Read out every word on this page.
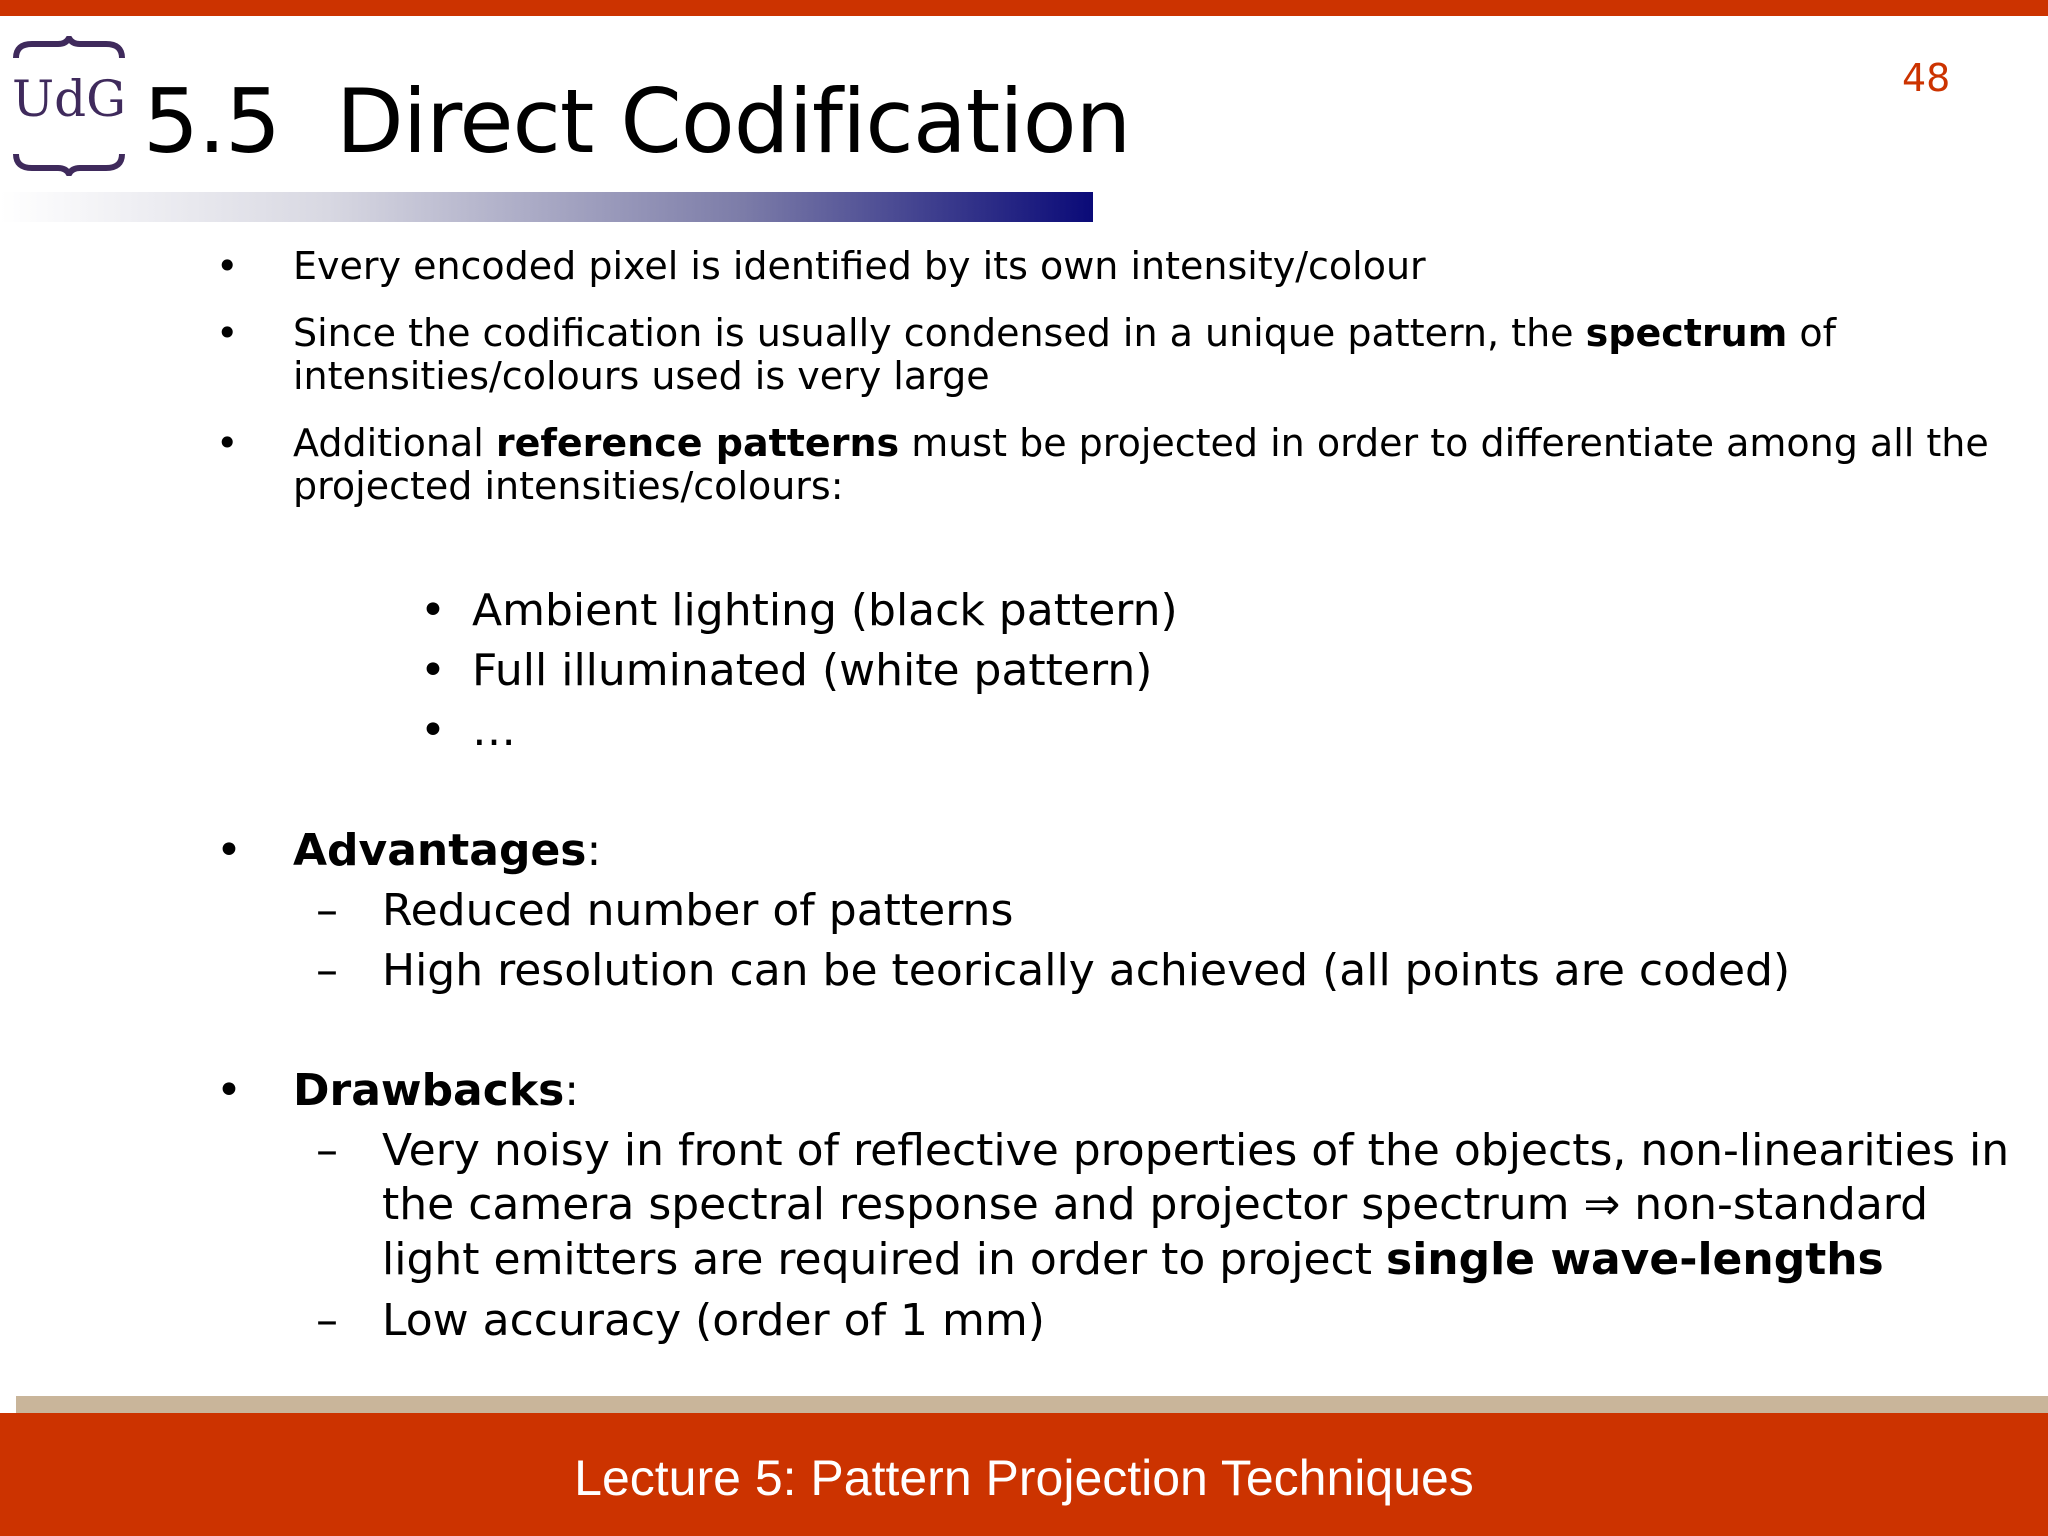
UdG 5.5 Direct Codification	48
• Every encoded pixel is identified by its own intensity/colour
• Since the codification is usually condensed in a unique pattern, the spectrum of
intensities/colours used is very large
• Additional reference patterns must be projected in order to differentiate among all the
projected intensities/colours:
• Ambient lighting (black pattern)
• Full illuminated (white pattern)
• …
• Advantages:
– Reduced number of patterns
– High resolution can be teorically achieved (all points are coded)
• Drawbacks:
– Very noisy in front of reflective properties of the objects, non-linearities in
the camera spectral response and projector spectrum ⇒ non-standard
light emitters are required in order to project single wave-lengths
– Low accuracy (order of 1 mm)
Lecture 5: Pattern Projection Techniques
